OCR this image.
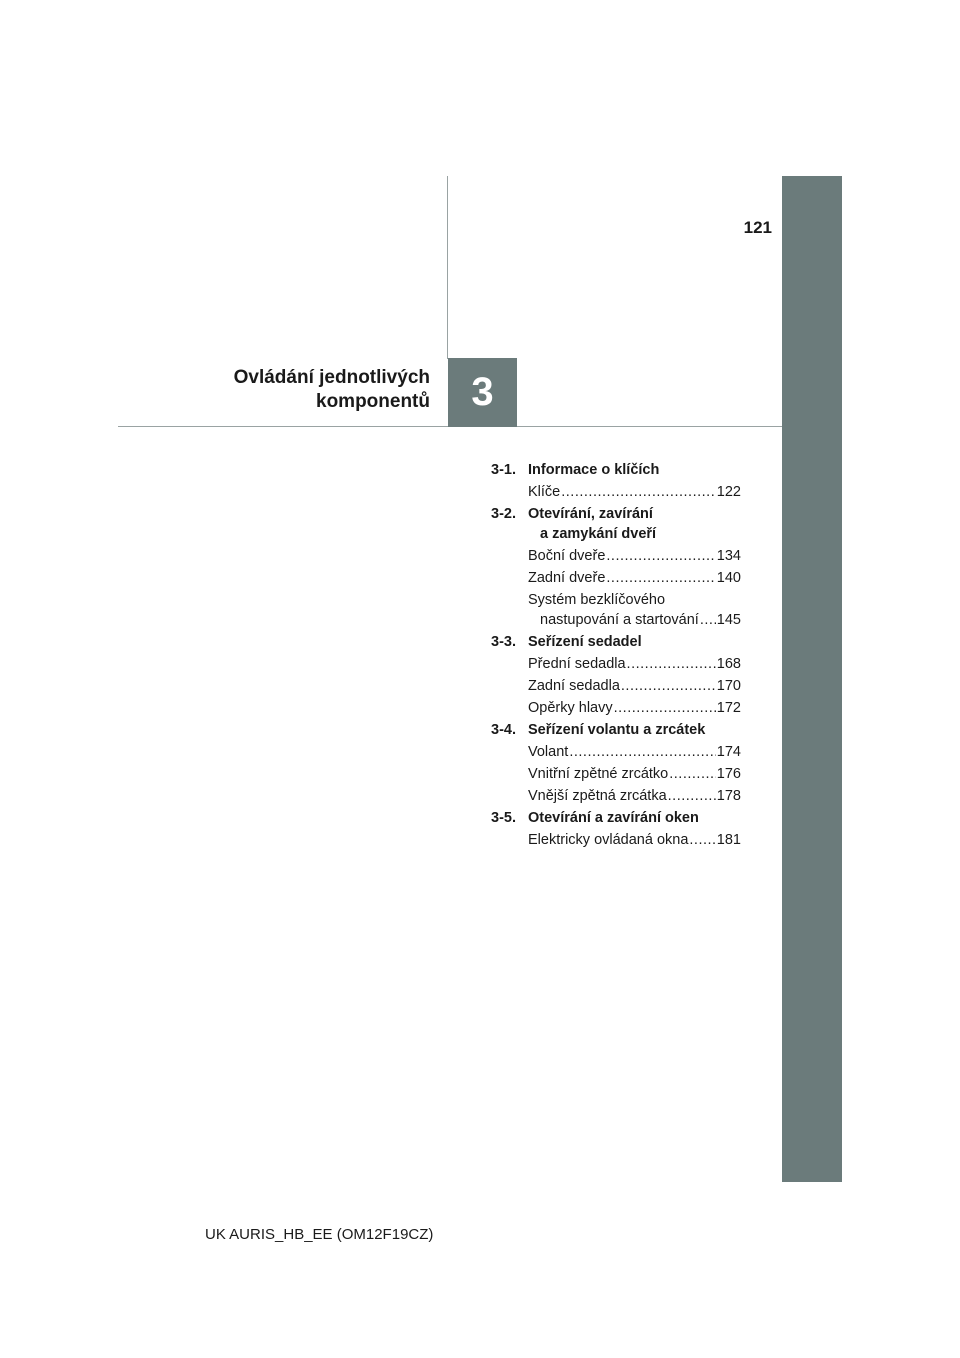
121
Ovládání jednotlivých
komponentů	3
3-1. Informace o klíčích
Klíče .....	122
3-2. Otevírání, zavírání
a zamykání dveří
Boční dveře .....	134
Zadní dveře .....	140
Systém bezklíčového
nastupování a startování ..... 145
3-3. Seřízení sedadel
Přední sedadla .....	168
Zadní sedadla .....	170
Opěrky hlavy .....	172
3-4. Seřízení volantu a zrcátek
Volant .....	174
Vnitřní zpětné zrcátko .....	176
Vnější zpětná zrcátka .....	178
3-5. Otevírání a zavírání oken
Elektricky ovládaná okna ..... 181
UK AURIS_HB_EE (OM12F19CZ)
